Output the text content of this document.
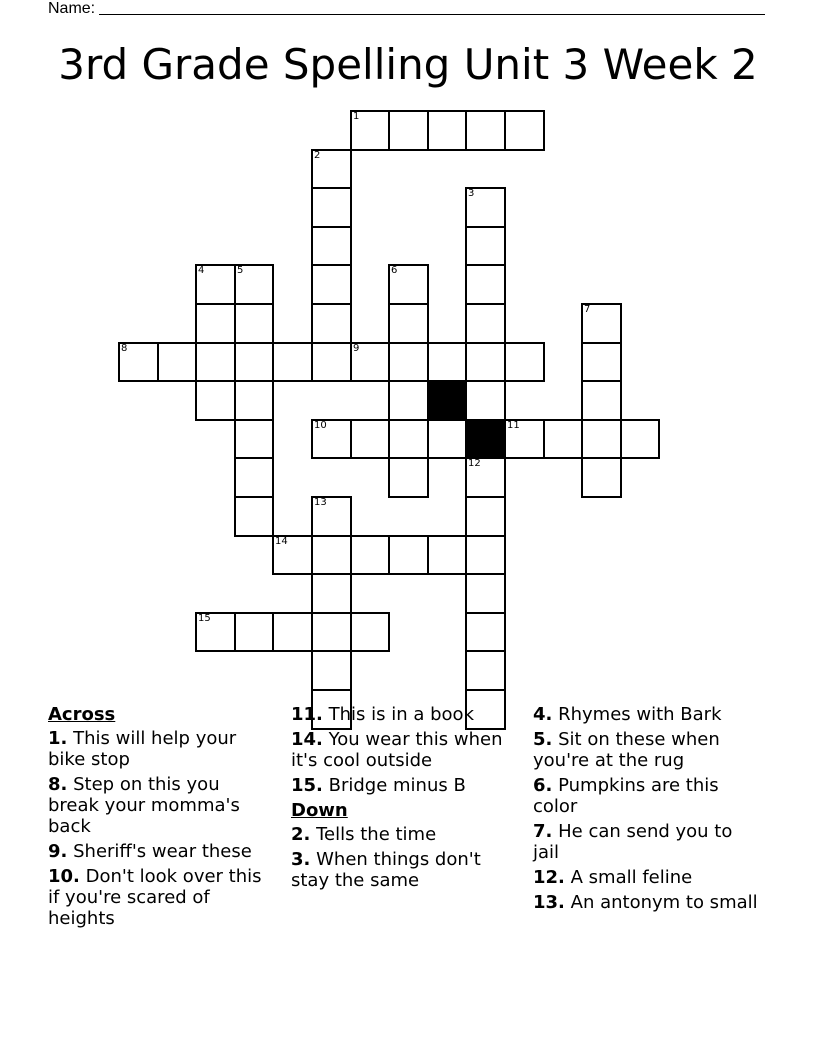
Name:
3rd Grade Spelling Unit 3 Week 2
1
8	9
10	11
14
15
2
3
12
4	5	6
7
13
Across
1. This will help your bike stop
8. Step on this you break your momma's back
9. Sheriff's wear these
10. Don't look over this if you're scared of heights
11. This is in a book
14. You wear this when it's cool outside
15. Bridge minus B
Down
2. Tells the time
3. When things don't stay the same
4. Rhymes with Bark
5. Sit on these when you're at the rug
6. Pumpkins are this color
7. He can send you to jail
12. A small feline
13. An antonym to small
